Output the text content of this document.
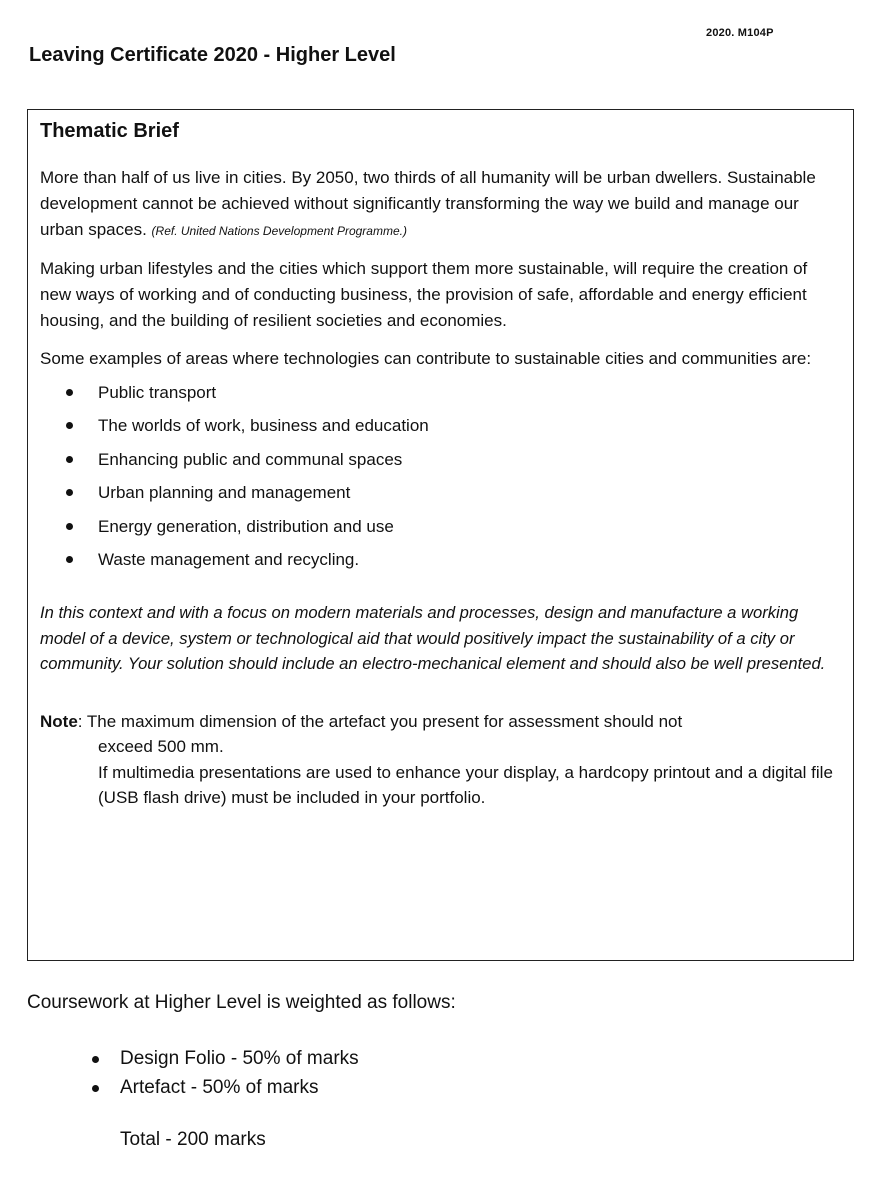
2020. M104P
Leaving Certificate 2020 - Higher Level
Thematic Brief

More than half of us live in cities. By 2050, two thirds of all humanity will be urban dwellers. Sustainable development cannot be achieved without significantly transforming the way we build and manage our urban spaces. (Ref. United Nations Development Programme.)

Making urban lifestyles and the cities which support them more sustainable, will require the creation of new ways of working and of conducting business, the provision of safe, affordable and energy efficient housing, and the building of resilient societies and economies.

Some examples of areas where technologies can contribute to sustainable cities and communities are:

Public transport
The worlds of work, business and education
Enhancing public and communal spaces
Urban planning and management
Energy generation, distribution and use
Waste management and recycling.

In this context and with a focus on modern materials and processes, design and manufacture a working model of a device, system or technological aid that would positively impact the sustainability of a city or community. Your solution should include an electro-mechanical element and should also be well presented.

Note: The maximum dimension of the artefact you present for assessment should not
exceed 500 mm.
If multimedia presentations are used to enhance your display, a hardcopy printout and a digital file (USB flash drive) must be included in your portfolio.

Coursework at Higher Level is weighted as follows:

Design Folio - 50% of marks
Artefact - 50% of marks

Total - 200 marks
